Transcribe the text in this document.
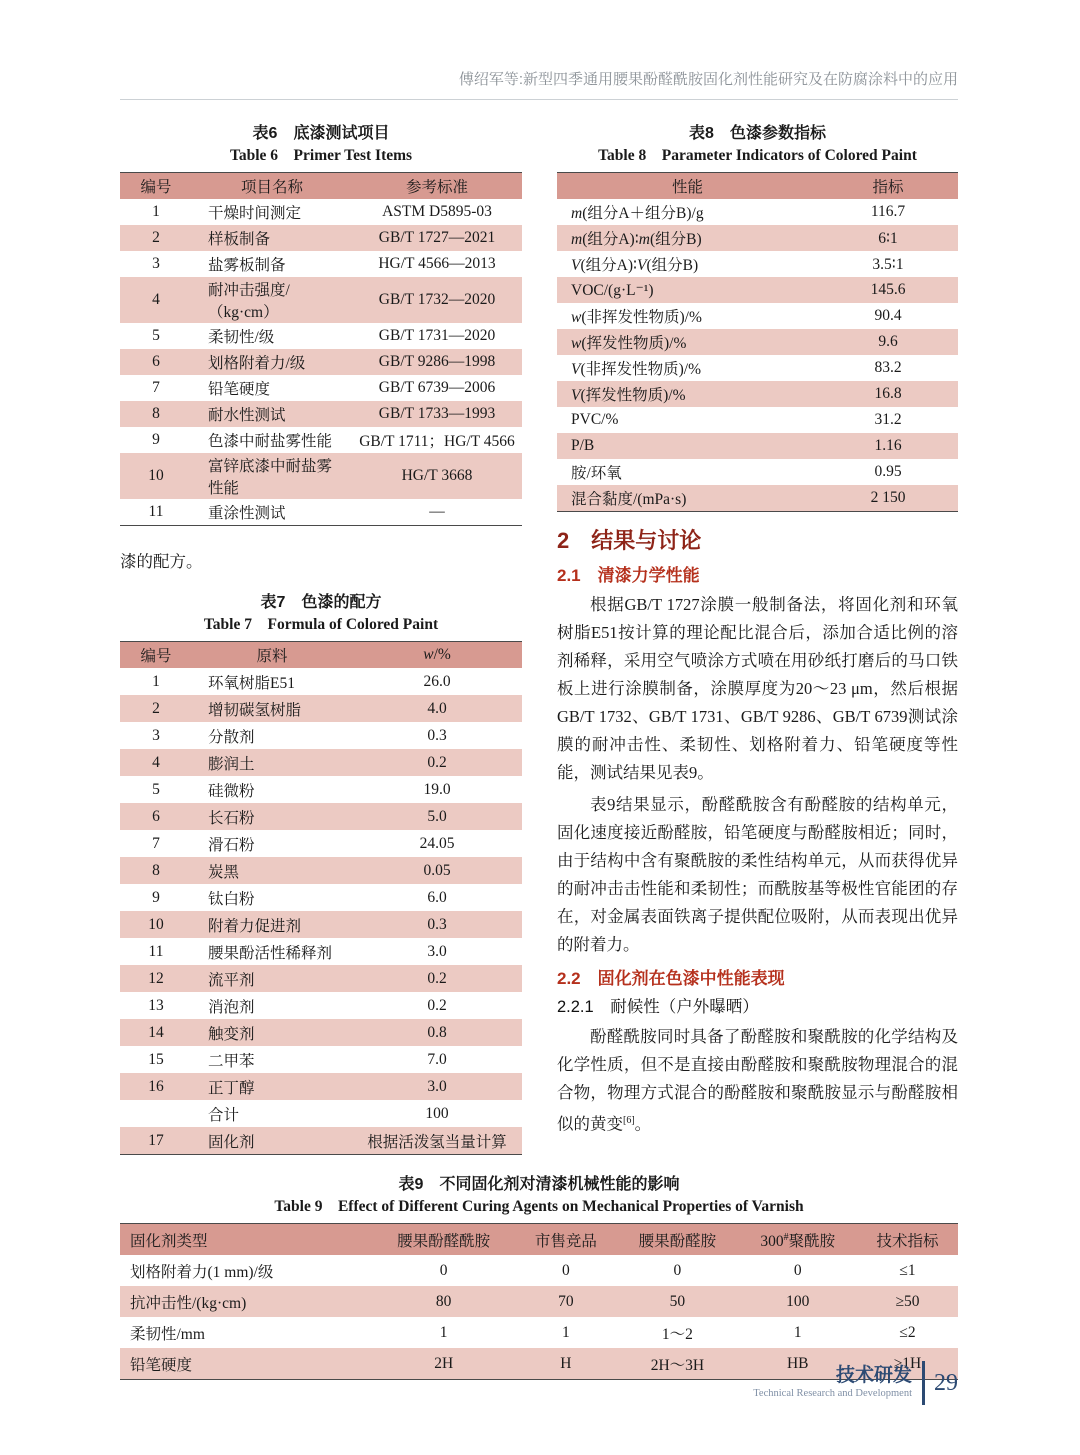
傅绍军等:新型四季通用腰果酚醛酰胺固化剂性能研究及在防腐涂料中的应用
表6　底漆测试项目
Table 6　Primer Test Items
编号	项目名称	参考标准
1	干燥时间测定	ASTM D5895-03
2	样板制备	GB/T 1727—2021
3	盐雾板制备	HG/T 4566—2013
4	耐冲击强度/（kg·cm）	GB/T 1732—2020
5	柔韧性/级	GB/T 1731—2020
6	划格附着力/级	GB/T 9286—1998
7	铅笔硬度	GB/T 6739—2006
8	耐水性测试	GB/T 1733—1993
9	色漆中耐盐雾性能	GB/T 1711；HG/T 4566
10	富锌底漆中耐盐雾性能	HG/T 3668
11	重涂性测试	—

漆的配方。

表7　色漆的配方
Table 7　Formula of Colored Paint
编号	原料	w/%
1	环氧树脂E51	26.0
2	增韧碳氢树脂	4.0
3	分散剂	0.3
4	膨润土	0.2
5	硅微粉	19.0
6	长石粉	5.0
7	滑石粉	24.05
8	炭黑	0.05
9	钛白粉	6.0
10	附着力促进剂	0.3
11	腰果酚活性稀释剂	3.0
12	流平剂	0.2
13	消泡剂	0.2
14	触变剂	0.8
15	二甲苯	7.0
16	正丁醇	3.0
	合计	100
17	固化剂	根据活泼氢当量计算
表8　色漆参数指标
Table 8　Parameter Indicators of Colored Paint
性能	指标
m(组分A＋组分B)/g	116.7
m(组分A)∶m(组分B)	6∶1
V(组分A)∶V(组分B)	3.5∶1
VOC/(g·L⁻¹)	145.6
w(非挥发性物质)/%	90.4
w(挥发性物质)/%	9.6
V(非挥发性物质)/%	83.2
V(挥发性物质)/%	16.8
PVC/%	31.2
P/B	1.16
胺/环氧	0.95
混合黏度/(mPa·s)	2 150
2　结果与讨论
2.1　清漆力学性能

根据GB/T 1727涂膜一般制备法，将固化剂和环氧树脂E51按计算的理论配比混合后，添加合适比例的溶剂稀释，采用空气喷涂方式喷在用砂纸打磨后的马口铁板上进行涂膜制备，涂膜厚度为20～23 μm，然后根据GB/T 1732、GB/T 1731、GB/T 9286、GB/T 6739测试涂膜的耐冲击性、柔韧性、划格附着力、铅笔硬度等性能，测试结果见表9。

表9结果显示，酚醛酰胺含有酚醛胺的结构单元，固化速度接近酚醛胺，铅笔硬度与酚醛胺相近；同时，由于结构中含有聚酰胺的柔性结构单元，从而获得优异的耐冲击击性能和柔韧性；而酰胺基等极性官能团的存在，对金属表面铁离子提供配位吸附，从而表现出优异的附着力。

2.2　固化剂在色漆中性能表现
2.2.1　耐候性（户外曝晒）

酚醛酰胺同时具备了酚醛胺和聚酰胺的化学结构及化学性质，但不是直接由酚醛胺和聚酰胺物理混合的混合物，物理方式混合的酚醛胺和聚酰胺显示与酚醛胺相似的黄变[6]。

表9　不同固化剂对清漆机械性能的影响
Table 9　Effect of Different Curing Agents on Mechanical Properties of Varnish
固化剂类型	腰果酚醛酰胺	市售竞品	腰果酚醛胺	300#聚酰胺	技术指标
划格附着力(1 mm)/级	0	0	0	0	≤1
抗冲击性/(kg·cm)	80	70	50	100	≥50
柔韧性/mm	1	1	1～2	1	≤2
铅笔硬度	2H	H	2H～3H	HB	≥1H
技术研发
Technical Research and Development 29
